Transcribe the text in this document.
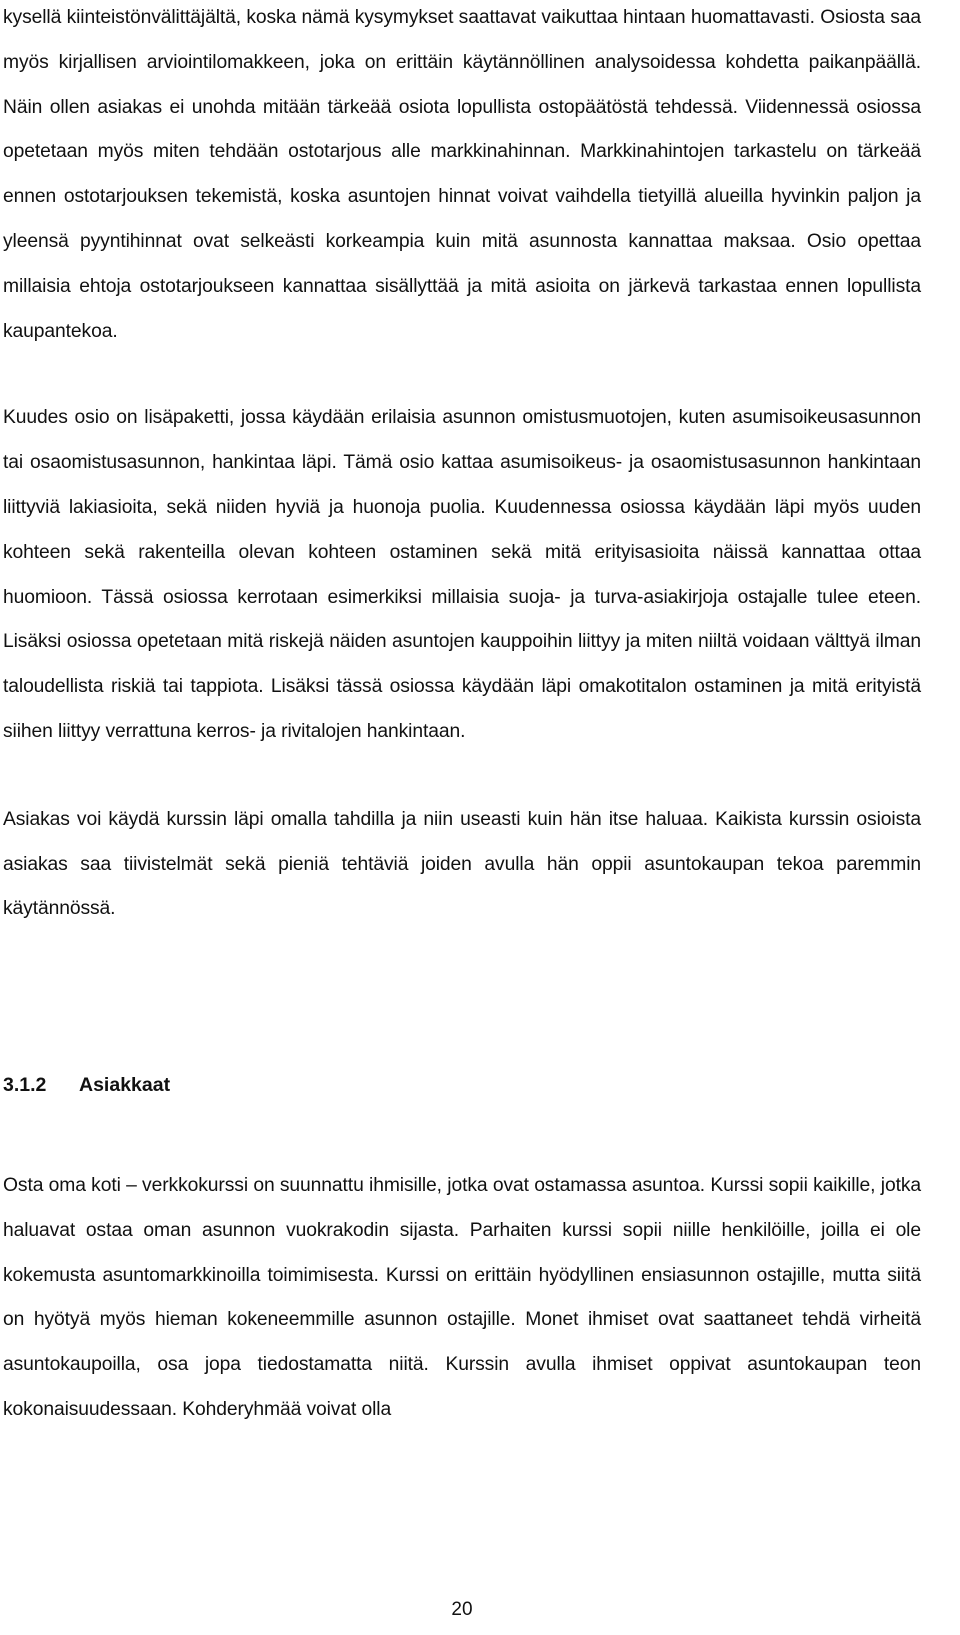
kysellä kiinteistönvälittäjältä, koska nämä kysymykset saattavat vaikuttaa hintaan huomattavasti. Osiosta saa myös kirjallisen arviointilomakkeen, joka on erittäin käytännöllinen analysoidessa kohdetta paikanpäällä. Näin ollen asiakas ei unohda mitään tärkeää osiota lopullista ostopäätöstä tehdessä. Viidennessä osiossa opetetaan myös miten tehdään ostotarjous alle markkinahinnan. Markkinahintojen tarkastelu on tärkeää ennen ostotarjouksen tekemistä, koska asuntojen hinnat voivat vaihdella tietyillä alueilla hyvinkin paljon ja yleensä pyyntihinnat ovat selkeästi korkeampia kuin mitä asunnosta kannattaa maksaa. Osio opettaa millaisia ehtoja ostotarjoukseen kannattaa sisällyttää ja mitä asioita on järkevä tarkastaa ennen lopullista kaupantekoa.

Kuudes osio on lisäpaketti, jossa käydään erilaisia asunnon omistusmuotojen, kuten asumisoikeusasunnon tai osaomistusasunnon, hankintaa läpi. Tämä osio kattaa asumisoikeus- ja osaomistusasunnon hankintaan liittyviä lakiasioita, sekä niiden hyviä ja huonoja puolia. Kuudennessa osiossa käydään läpi myös uuden kohteen sekä rakenteilla olevan kohteen ostaminen sekä mitä erityisasioita näissä kannattaa ottaa huomioon. Tässä osiossa kerrotaan esimerkiksi millaisia suoja- ja turva-asiakirjoja ostajalle tulee eteen. Lisäksi osiossa opetetaan mitä riskejä näiden asuntojen kauppoihin liittyy ja miten niiltä voidaan välttyä ilman taloudellista riskiä tai tappiota. Lisäksi tässä osiossa käydään läpi omakotitalon ostaminen ja mitä erityistä siihen liittyy verrattuna kerros- ja rivitalojen hankintaan.

Asiakas voi käydä kurssin läpi omalla tahdilla ja niin useasti kuin hän itse haluaa. Kaikista kurssin osioista asiakas saa tiivistelmät sekä pieniä tehtäviä joiden avulla hän oppii asuntokaupan tekoa paremmin käytännössä.

3.1.2 Asiakkaat

Osta oma koti – verkkokurssi on suunnattu ihmisille, jotka ovat ostamassa asuntoa. Kurssi sopii kaikille, jotka haluavat ostaa oman asunnon vuokrakodin sijasta. Parhaiten kurssi sopii niille henkilöille, joilla ei ole kokemusta asuntomarkkinoilla toimimisesta. Kurssi on erittäin hyödyllinen ensiasunnon ostajille, mutta siitä on hyötyä myös hieman kokeneemmille asunnon ostajille. Monet ihmiset ovat saattaneet tehdä virheitä asuntokaupoilla, osa jopa tiedostamatta niitä. Kurssin avulla ihmiset oppivat asuntokaupan teon kokonaisuudessaan. Kohderyhmää voivat olla

20
